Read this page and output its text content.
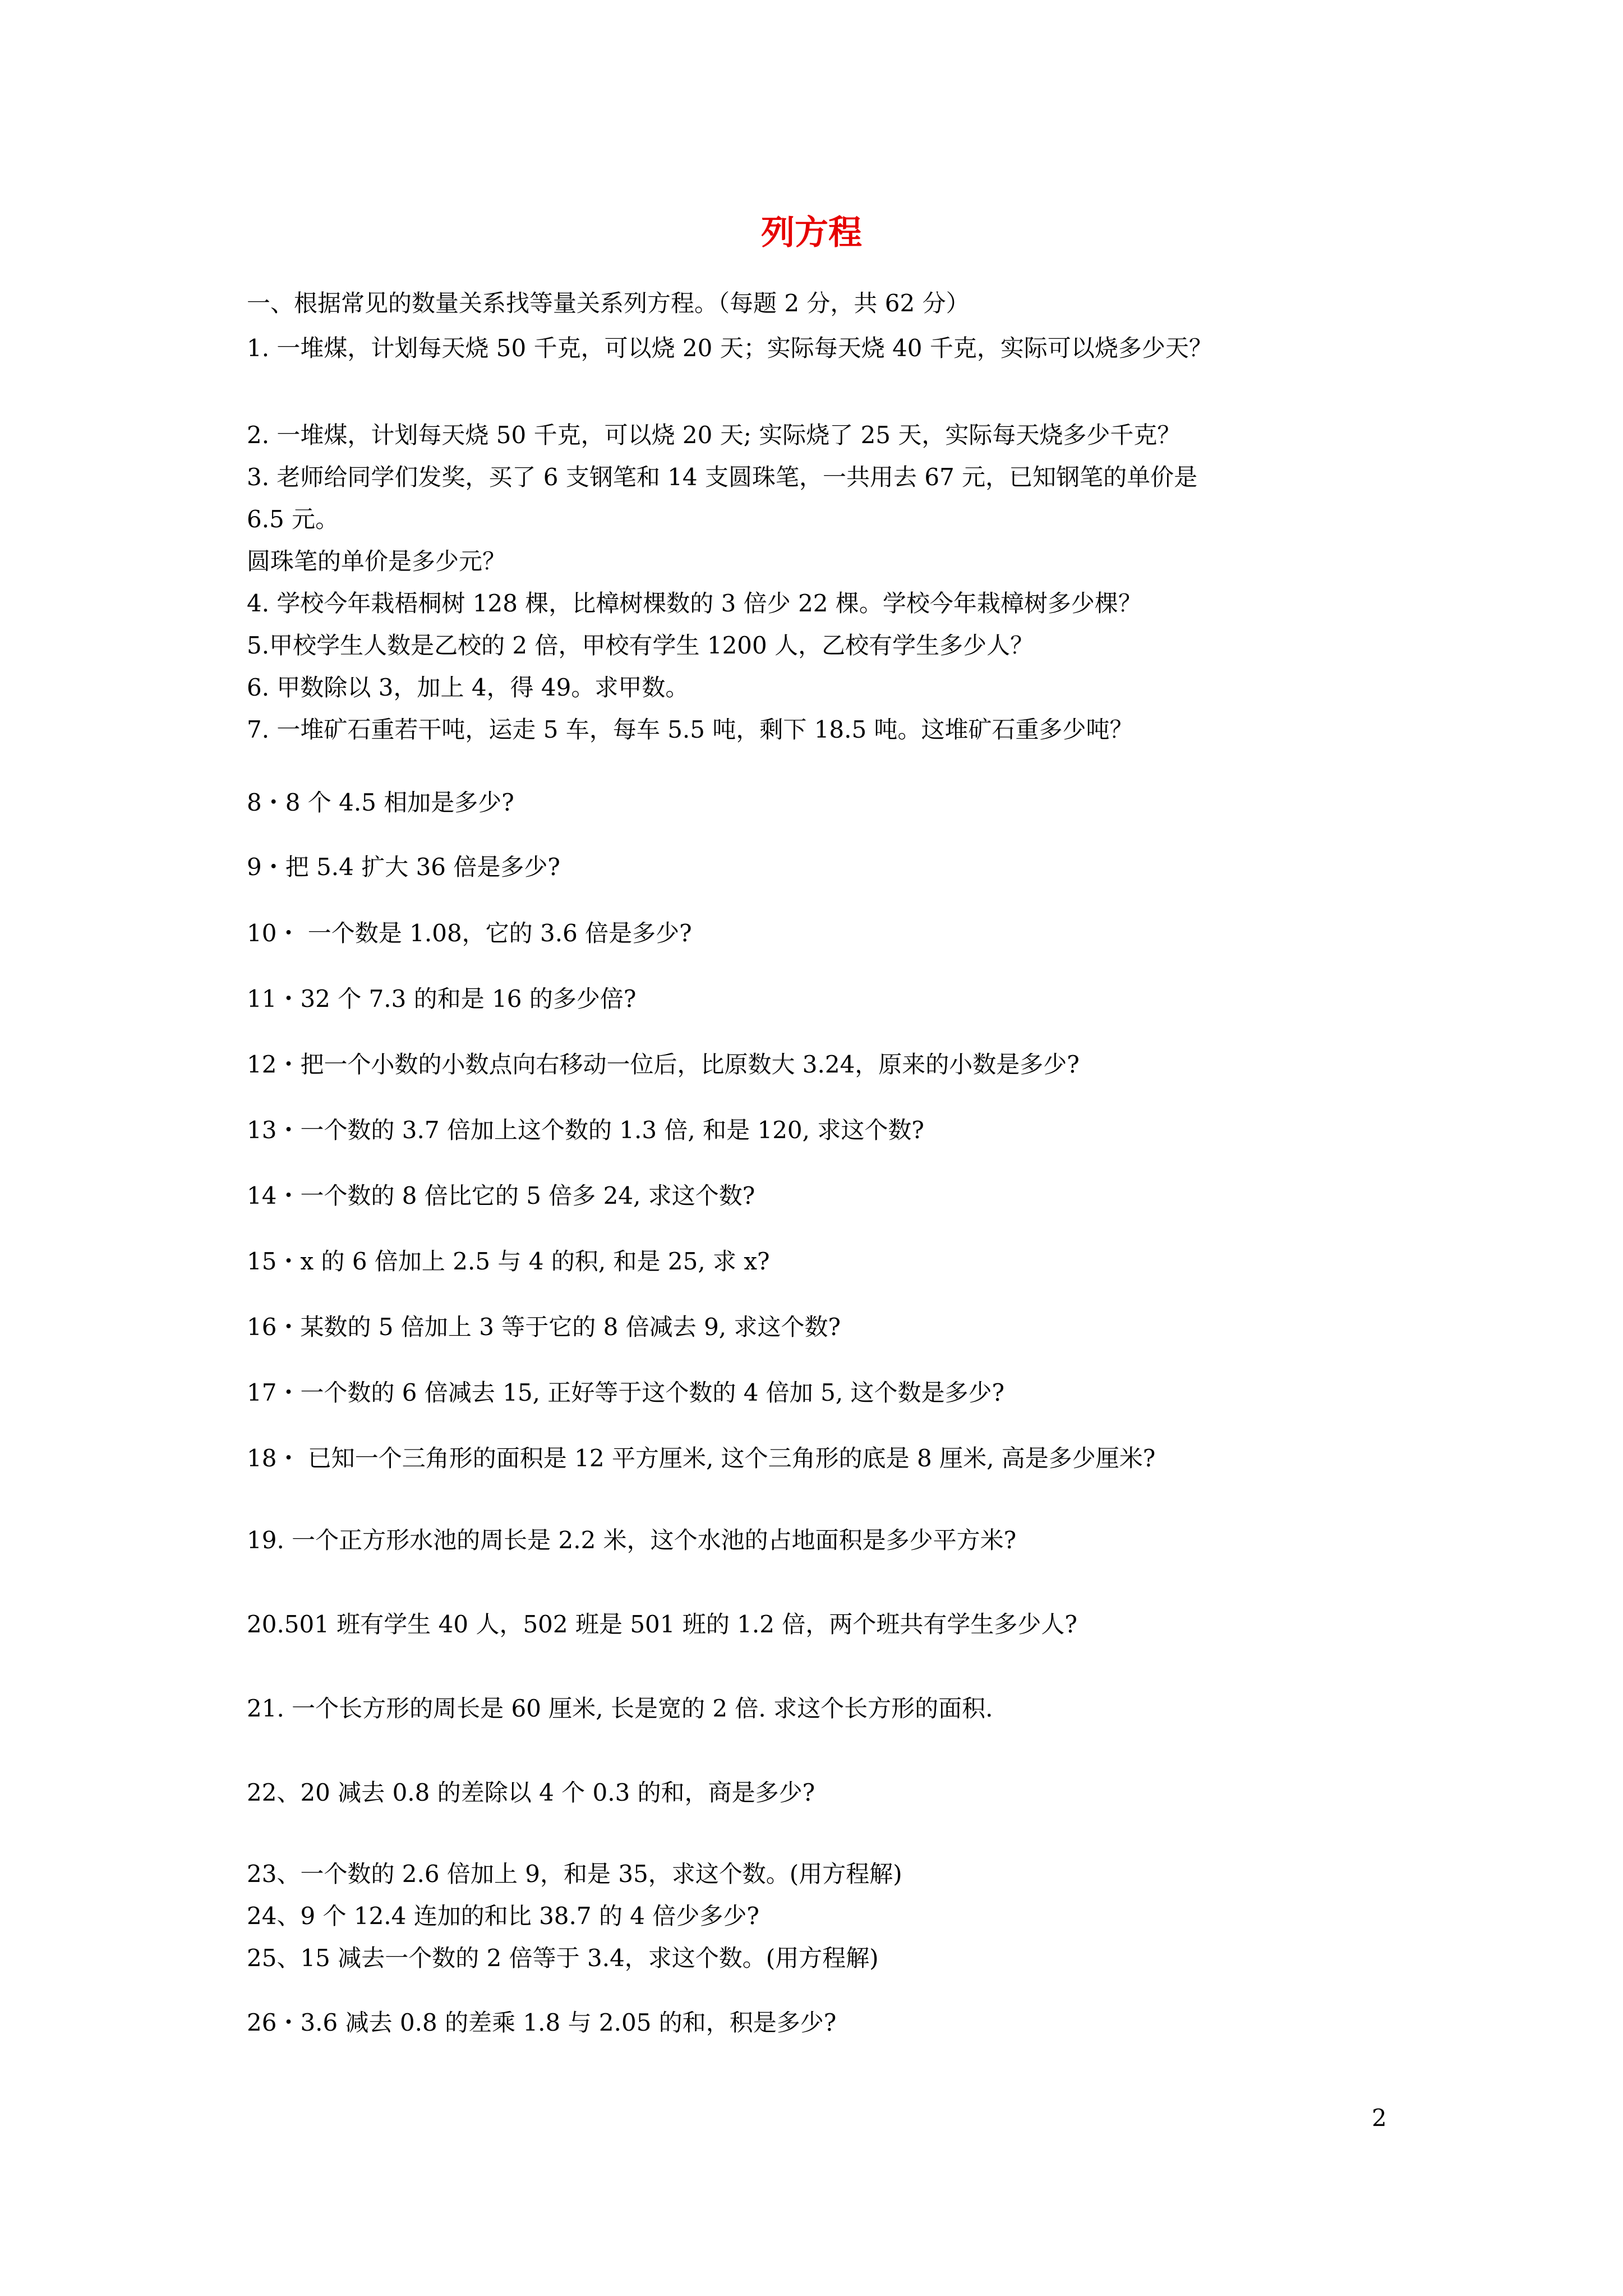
列方程
一、根据常见的数量关系找等量关系列方程。（每题 2 分，共 62 分）
1. 一堆煤，计划每天烧 50 千克，可以烧 20 天；实际每天烧 40 千克，实际可以烧多少天？
2. 一堆煤，计划每天烧 50 千克，可以烧 20 天; 实际烧了 25 天，实际每天烧多少千克？
3. 老师给同学们发奖，买了 6 支钢笔和 14 支圆珠笔，一共用去 67 元，已知钢笔的单价是
6.5 元。
圆珠笔的单价是多少元？
4. 学校今年栽梧桐树 128 棵，比樟树棵数的 3 倍少 22 棵。学校今年栽樟树多少棵？
5.甲校学生人数是乙校的 2 倍，甲校有学生 1200 人，乙校有学生多少人？
6. 甲数除以 3，加上 4，得 49。求甲数。
7. 一堆矿石重若干吨，运走 5 车，每车 5.5 吨，剩下 18.5 吨。这堆矿石重多少吨？
8・8 个 4.5 相加是多少?
9・把 5.4 扩大 36 倍是多少?
10・ 一个数是 1.08，它的 3.6 倍是多少?
11・32 个 7.3 的和是 16 的多少倍?
12・把一个小数的小数点向右移动一位后，比原数大 3.24，原来的小数是多少?
13・一个数的 3.7 倍加上这个数的 1.3 倍, 和是 120, 求这个数?
14・一个数的 8 倍比它的 5 倍多 24, 求这个数?
15・x 的 6 倍加上 2.5 与 4 的积, 和是 25, 求 x?
16・某数的 5 倍加上 3 等于它的 8 倍减去 9, 求这个数?
17・一个数的 6 倍减去 15, 正好等于这个数的 4 倍加 5, 这个数是多少?
18・ 已知一个三角形的面积是 12 平方厘米, 这个三角形的底是 8 厘米, 高是多少厘米?
19. 一个正方形水池的周长是 2.2 米，这个水池的占地面积是多少平方米?
20.501 班有学生 40 人，502 班是 501 班的 1.2 倍，两个班共有学生多少人?
21. 一个长方形的周长是 60 厘米, 长是宽的 2 倍. 求这个长方形的面积.
22、20 减去 0.8 的差除以 4 个 0.3 的和，商是多少?
23、一个数的 2.6 倍加上 9，和是 35，求这个数。(用方程解)
24、9 个 12.4 连加的和比 38.7 的 4 倍少多少?
25、15 减去一个数的 2 倍等于 3.4，求这个数。(用方程解)
26・3.6 减去 0.8 的差乘 1.8 与 2.05 的和，积是多少?
2
